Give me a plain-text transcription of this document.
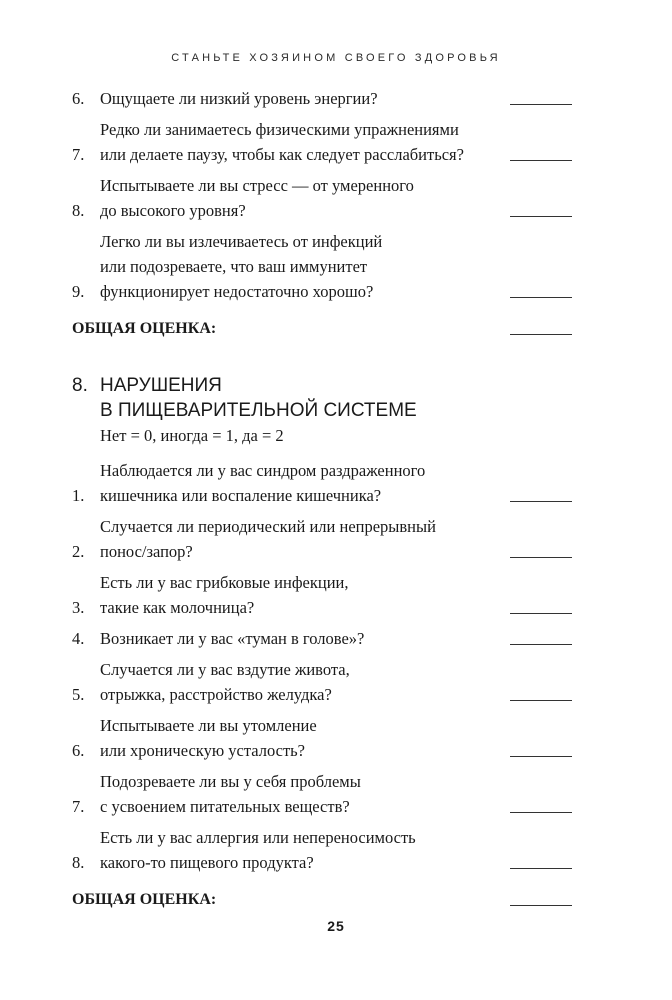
СТАНЬТЕ ХОЗЯИНОМ СВОЕГО ЗДОРОВЬЯ
6. Ощущаете ли низкий уровень энергии?
7.
Редко ли занимаетесь физическими упражнениями
или делаете паузу, чтобы как следует расслабиться?
8.
Испытываете ли вы стресс — от умеренного
до высокого уровня?
9.
Легко ли вы излечиваетесь от инфекций
или подозреваете, что ваш иммунитет
функционирует недостаточно хорошо?
ОБЩАЯ ОЦЕНКА:
8. НАРУШЕНИЯ
В ПИЩЕВАРИТЕЛЬНОЙ СИСТЕМЕ
Нет = 0, иногда = 1, да = 2
1.
Наблюдается ли у вас синдром раздраженного
кишечника или воспаление кишечника?
2.
Случается ли периодический или непрерывный
понос/запор?
3.
Есть ли у вас грибковые инфекции,
такие как молочница?
4. Возникает ли у вас «туман в голове»?
5.
Случается ли у вас вздутие живота,
отрыжка, расстройство желудка?
6.
Испытываете ли вы утомление
или хроническую усталость?
7.
Подозреваете ли вы у себя проблемы
с усвоением питательных веществ?
8.
Есть ли у вас аллергия или непереносимость
какого-то пищевого продукта?
ОБЩАЯ ОЦЕНКА:
25
